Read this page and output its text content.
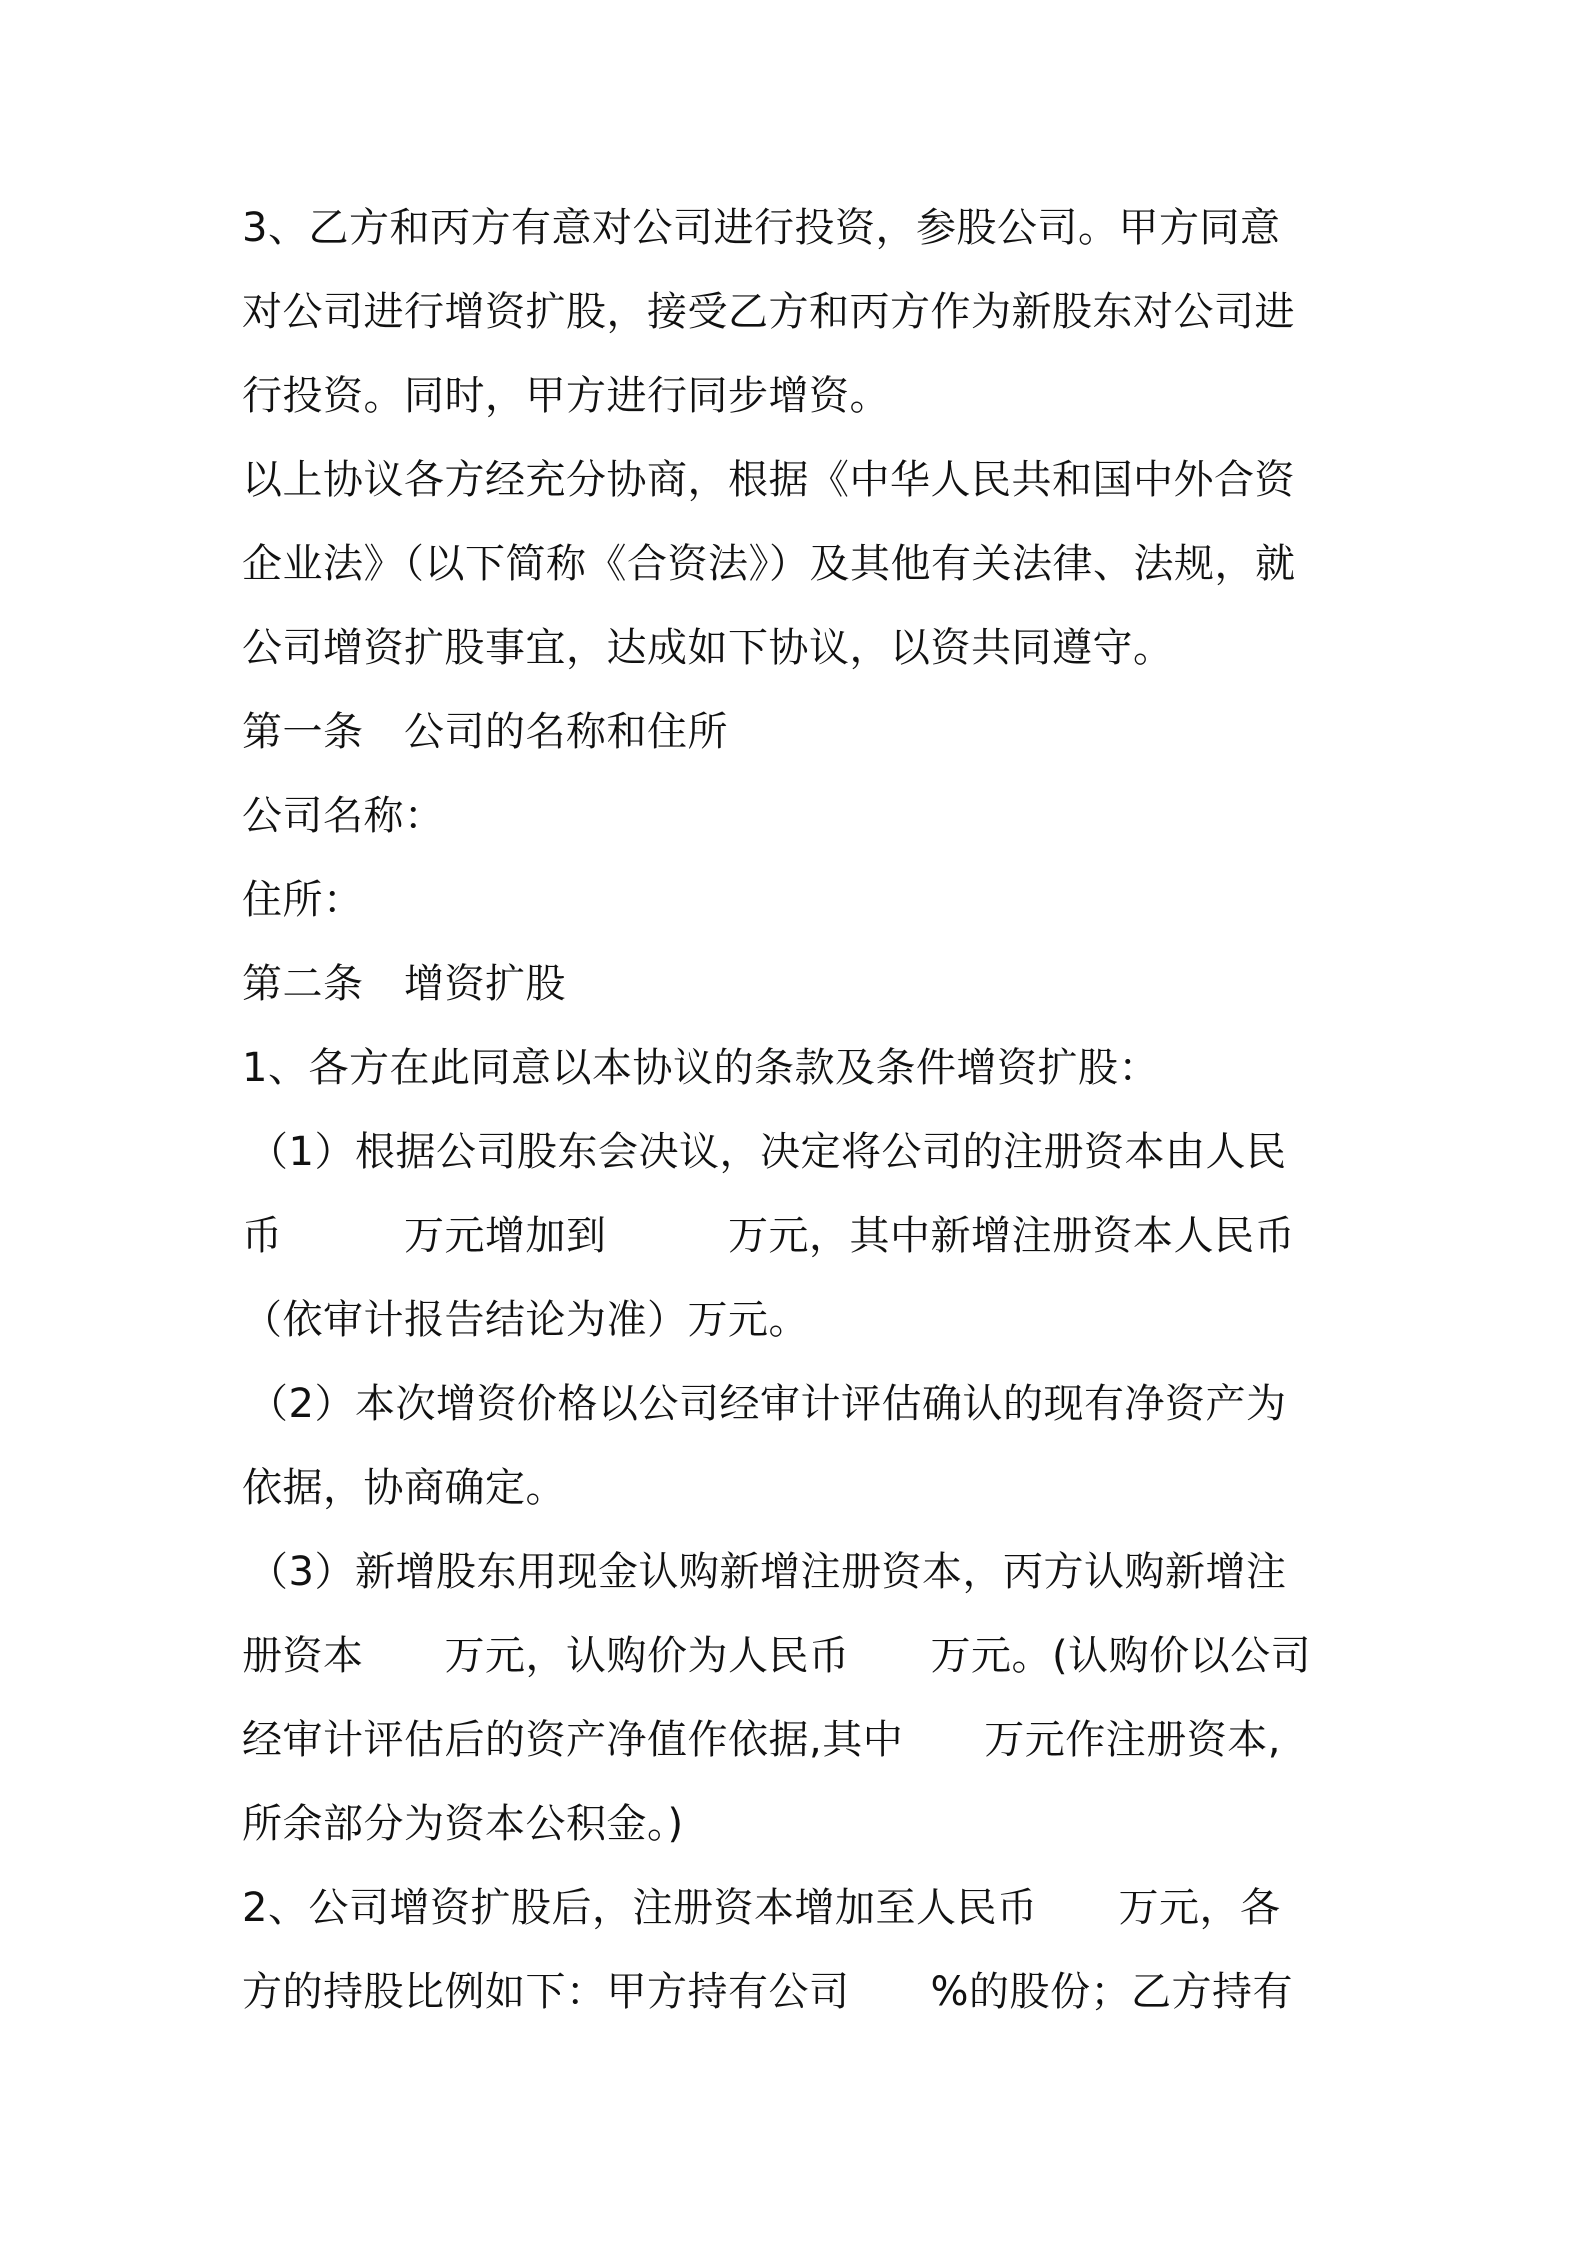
3、乙方和丙方有意对公司进行投资，参股公司。甲方同意
对公司进行增资扩股，接受乙方和丙方作为新股东对公司进
行投资。同时，甲方进行同步增资。
以上协议各方经充分协商，根据《中华人民共和国中外合资
企业法》（以下简称《合资法》）及其他有关法律、法规，就
公司增资扩股事宜，达成如下协议，以资共同遵守。
第一条　公司的名称和住所
公司名称：
住所：
第二条　增资扩股
1、各方在此同意以本协议的条款及条件增资扩股：
（1）根据公司股东会决议，决定将公司的注册资本由人民
币　　　万元增加到　　　万元，其中新增注册资本人民币
（依审计报告结论为准）万元。
（2）本次增资价格以公司经审计评估确认的现有净资产为
依据，协商确定。
（3）新增股东用现金认购新增注册资本，丙方认购新增注
册资本　　万元，认购价为人民币　　万元。(认购价以公司
经审计评估后的资产净值作依据,其中　　万元作注册资本,
所余部分为资本公积金。)
2、公司增资扩股后，注册资本增加至人民币　　万元，各
方的持股比例如下：甲方持有公司　　%的股份；乙方持有
